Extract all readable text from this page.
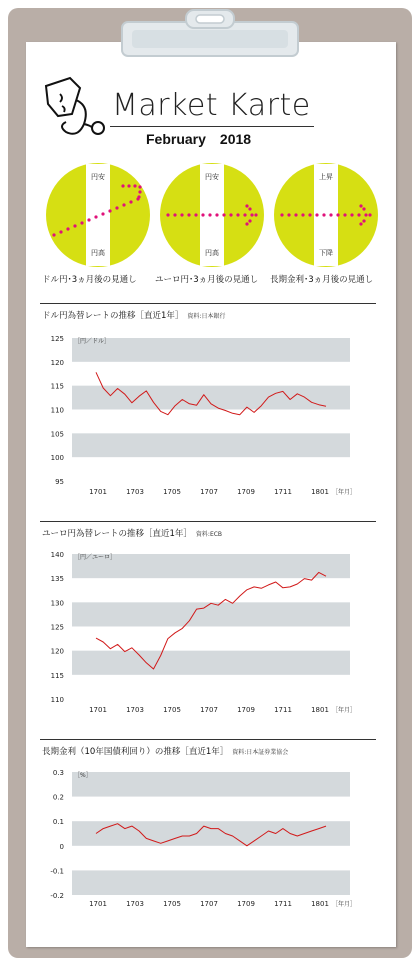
Market Karte
February 2018
円安
円高
ドル円･3ヵ月後の見通し
円安
円高
ユーロ円･3ヵ月後の見通し
上昇
下降
長期金利･3ヵ月後の見通し
ドル円為替レートの推移［直近1年］ 資料:日本銀行
125
120
115
110
105
100
95
［円／ドル］
1701	1703	1705	1707	1709	1711	1801 ［年月］
ユーロ円為替レートの推移［直近1年］ 資料:ECB
140
135
130
125
120
115
110
［円／ユーロ］
1701	1703	1705	1707	1709	1711	1801 ［年月］
長期金利（10年国債利回り）の推移［直近1年］ 資料:日本証券業協会
0.3
0.2
0.1
0
-0.1
-0.2
［%］
1701	1703	1705	1707	1709	1711	1801 ［年月］
